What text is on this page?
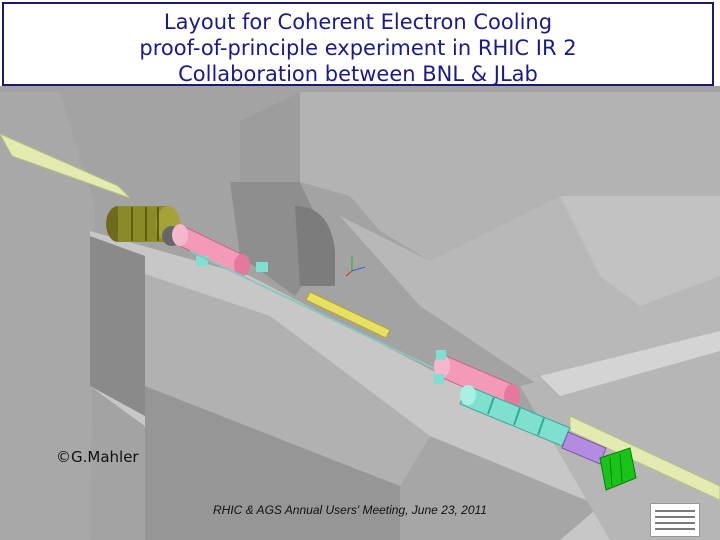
Layout for Coherent Electron Cooling
proof-of-principle experiment in RHIC IR 2
Collaboration between BNL & JLab
©G.Mahler
RHIC & AGS Annual Users' Meeting, June 23, 2011
